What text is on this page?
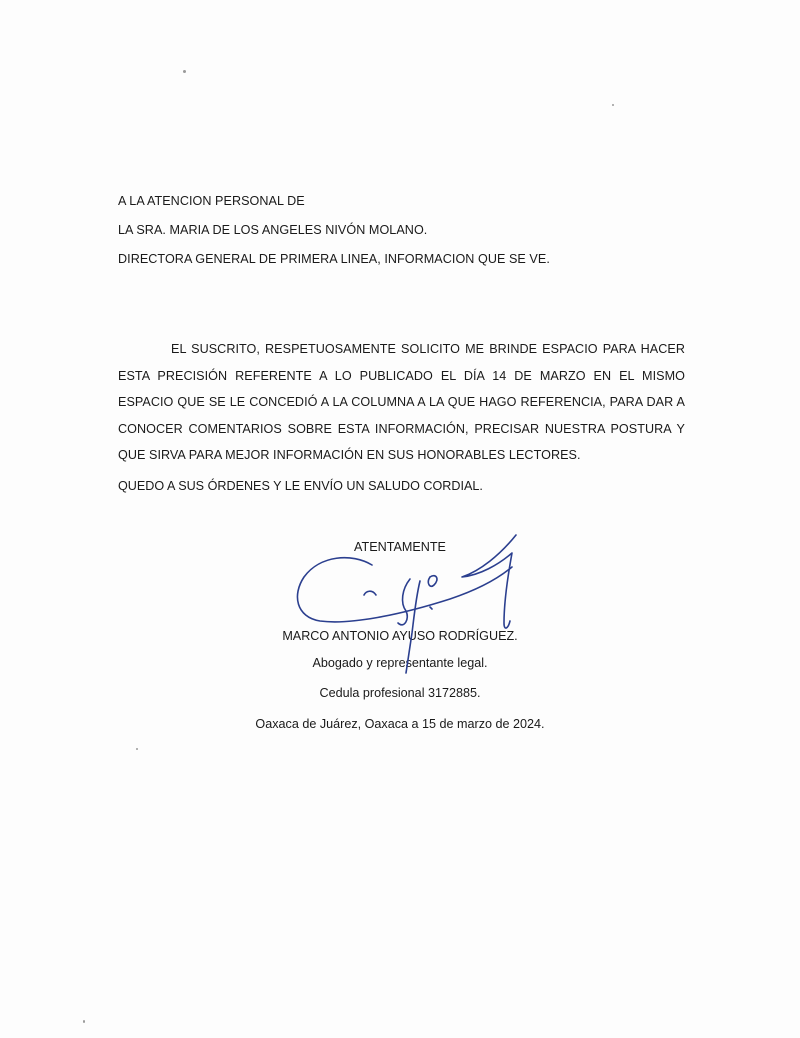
A LA ATENCION PERSONAL DE
LA SRA. MARIA DE LOS ANGELES NIVÓN MOLANO.
DIRECTORA GENERAL DE PRIMERA LINEA, INFORMACION QUE SE VE.
EL SUSCRITO, RESPETUOSAMENTE SOLICITO ME BRINDE ESPACIO PARA HACER ESTA PRECISIÓN REFERENTE A LO PUBLICADO EL DÍA 14 DE MARZO EN EL MISMO ESPACIO QUE SE LE CONCEDIÓ A LA COLUMNA A LA QUE HAGO REFERENCIA, PARA DAR A CONOCER COMENTARIOS SOBRE ESTA INFORMACIÓN, PRECISAR NUESTRA POSTURA Y QUE SIRVA PARA MEJOR INFORMACIÓN EN SUS HONORABLES LECTORES.
QUEDO A SUS ÓRDENES Y LE ENVÍO UN SALUDO CORDIAL.
ATENTAMENTE
MARCO ANTONIO AYUSO RODRÍGUEZ.
Abogado y representante legal.
Cedula profesional 3172885.
Oaxaca de Juárez, Oaxaca a 15 de marzo de 2024.
